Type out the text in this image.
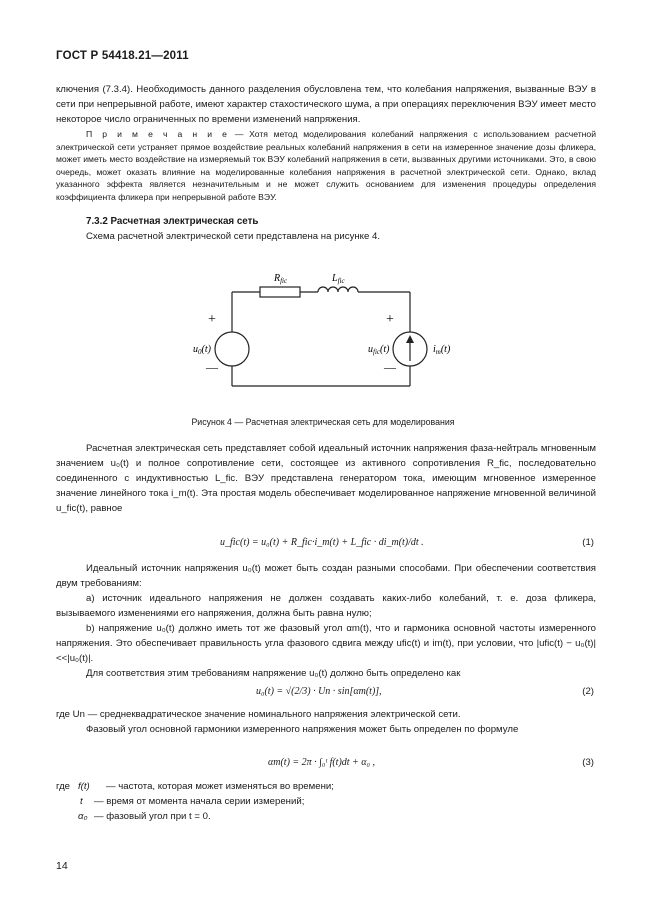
ГОСТ Р 54418.21—2011

ключения (7.3.4). Необходимость данного разделения обусловлена тем, что колебания напряжения, вызванные ВЭУ в сети при непрерывной работе, имеют характер стахостического шума, а при операциях переключения ВЭУ имеет место некоторое число ограниченных по времени изменений напряжения.

П р и м е ч а н и е — Хотя метод моделирования колебаний напряжения с использованием расчетной электрической сети устраняет прямое воздействие реальных колебаний напряжения в сети на измеренное значение дозы фликера, может иметь место воздействие на измеряемый ток ВЭУ колебаний напряжения в сети, вызванных другими источниками. Это, в свою очередь, может оказать влияние на моделированные колебания напряжения в расчетной электрической сети. Однако, вклад указанного эффекта является незначительным и не может служить основанием для изменения процедуры определения коэффициента фликера при непрерывной работе ВЭУ.

7.3.2 Расчетная электрическая сеть
Схема расчетной электрической сети представлена на рисунке 4.
$R_{fic}$	$L_{fic}$
+
—
+
—
$u_0(t)$	$u_{fic}(t)$	$i_m(t)$
Рисунок 4 — Расчетная электрическая сеть для моделирования

Расчетная электрическая сеть представляет собой идеальный источник напряжения фаза-нейтраль мгновенным значением u₀(t) и полное сопротивление сети, состоящее из активного сопротивления R_fic, последовательно соединенного с индуктивностью L_fic. ВЭУ представлена генератором тока, имеющим мгновенное измеренное значение линейного тока i_m(t). Эта простая модель обеспечивает моделированное напряжение мгновенной величиной u_fic(t), равное

u_fic(t) = u₀(t) + R_fic·i_m(t) + L_fic · di_m(t)/dt .	(1)

Идеальный источник напряжения u₀(t) может быть создан разными способами. При обеспечении соответствия двум требованиям:

а) источник идеального напряжения не должен создавать каких-либо колебаний, т. е. доза фликера, вызываемого изменениями его напряжения, должна быть равна нулю;

b) напряжение u₀(t) должно иметь тот же фазовый угол αm(t), что и гармоника основной частоты измеренного напряжения. Это обеспечивает правильность угла фазового сдвига между ufic(t) и im(t), при условии, что |ufic(t) − u₀(t)|<<|u₀(t)|.

Для соответствия этим требованиям напряжение u₀(t) должно быть определено как

u₀(t) = √(2/3) · Un · sin[αm(t)],	(2)

где Un — среднеквадратическое значение номинального напряжения электрической сети.

Фазовый угол основной гармоники измеренного напряжения может быть определен по формуле

αm(t) = 2π · ∫₀ᵗ f(t)dt + α₀ ,	(3)
где f(t) — частота, которая может изменяться во времени;
t — время от момента начала серии измерений;
α₀ — фазовый угол при t = 0.
14
